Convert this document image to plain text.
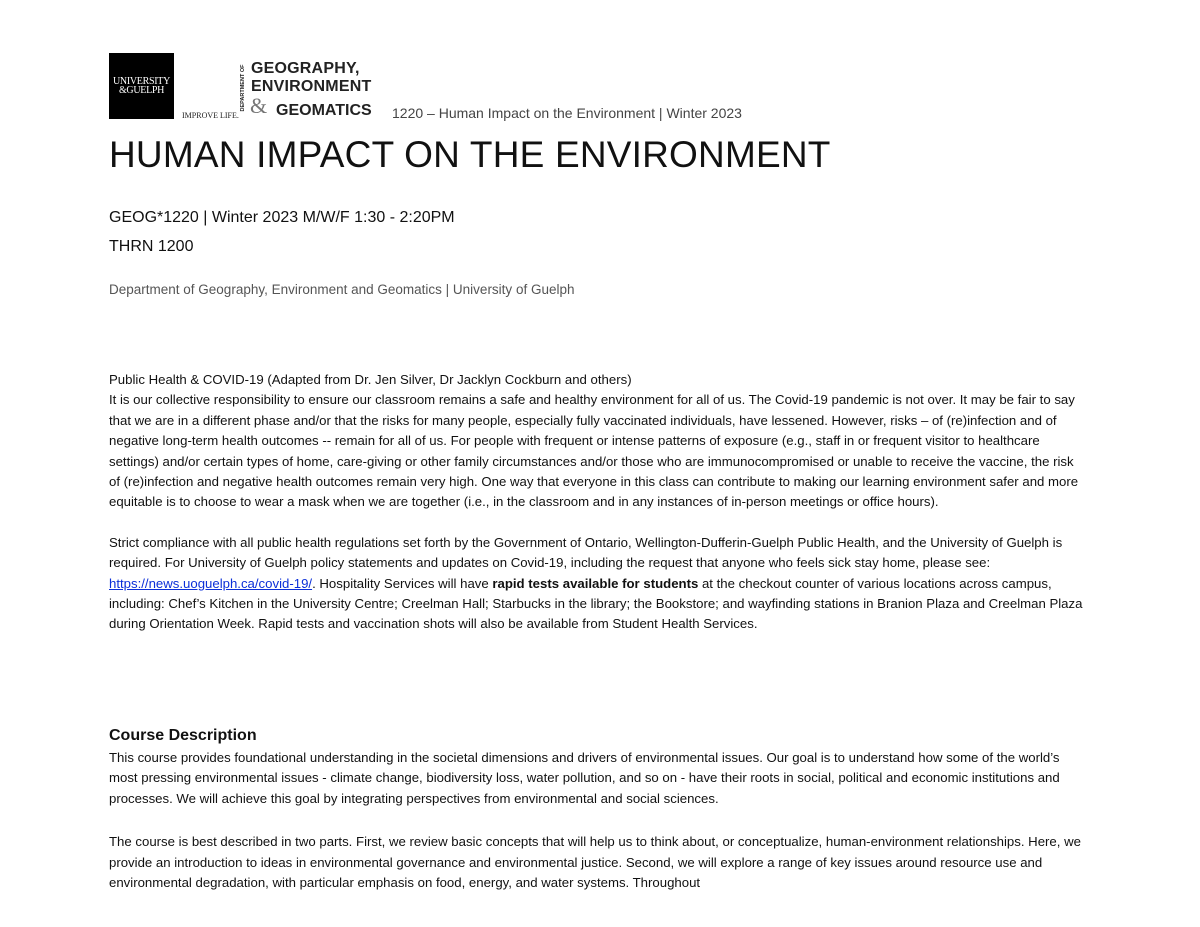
UNIVERSITY
&GUELPH
IMPROVE LIFE.
DEPARTMENT OF GEOGRAPHY,
ENVIRONMENT
& GEOMATICS 1220 – Human Impact on the Environment | Winter 2023
HUMAN IMPACT ON THE ENVIRONMENT
GEOG*1220 | Winter 2023 M/W/F 1:30 - 2:20PM
THRN 1200
Department of Geography, Environment and Geomatics | University of Guelph

Public Health & COVID-19 (Adapted from Dr. Jen Silver, Dr Jacklyn Cockburn and others)

It is our collective responsibility to ensure our classroom remains a safe and healthy environment for all of us. The Covid-19 pandemic is not over. It may be fair to say that we are in a different phase and/or that the risks for many people, especially fully vaccinated individuals, have lessened. However, risks – of (re)infection and of negative long-term health outcomes -- remain for all of us. For people with frequent or intense patterns of exposure (e.g., staff in or frequent visitor to healthcare settings) and/or certain types of home, care-giving or other family circumstances and/or those who are immunocompromised or unable to receive the vaccine, the risk of (re)infection and negative health outcomes remain very high. One way that everyone in this class can contribute to making our learning environment safer and more equitable is to choose to wear a mask when we are together (i.e., in the classroom and in any instances of in-person meetings or office hours).

Strict compliance with all public health regulations set forth by the Government of Ontario, Wellington-Dufferin-Guelph Public Health, and the University of Guelph is required. For University of Guelph policy statements and updates on Covid-19, including the request that anyone who feels sick stay home, please see: https://news.uoguelph.ca/covid-19/. Hospitality Services will have rapid tests available for students at the checkout counter of various locations across campus, including: Chef’s Kitchen in the University Centre; Creelman Hall; Starbucks in the library; the Bookstore; and wayfinding stations in Branion Plaza and Creelman Plaza during Orientation Week. Rapid tests and vaccination shots will also be available from Student Health Services.

Course Description

This course provides foundational understanding in the societal dimensions and drivers of environmental issues. Our goal is to understand how some of the world’s most pressing environmental issues - climate change, biodiversity loss, water pollution, and so on - have their roots in social, political and economic institutions and processes. We will achieve this goal by integrating perspectives from environmental and social sciences.

The course is best described in two parts. First, we review basic concepts that will help us to think about, or conceptualize, human-environment relationships. Here, we provide an introduction to ideas in environmental governance and environmental justice. Second, we will explore a range of key issues around resource use and environmental degradation, with particular emphasis on food, energy, and water systems. Throughout
